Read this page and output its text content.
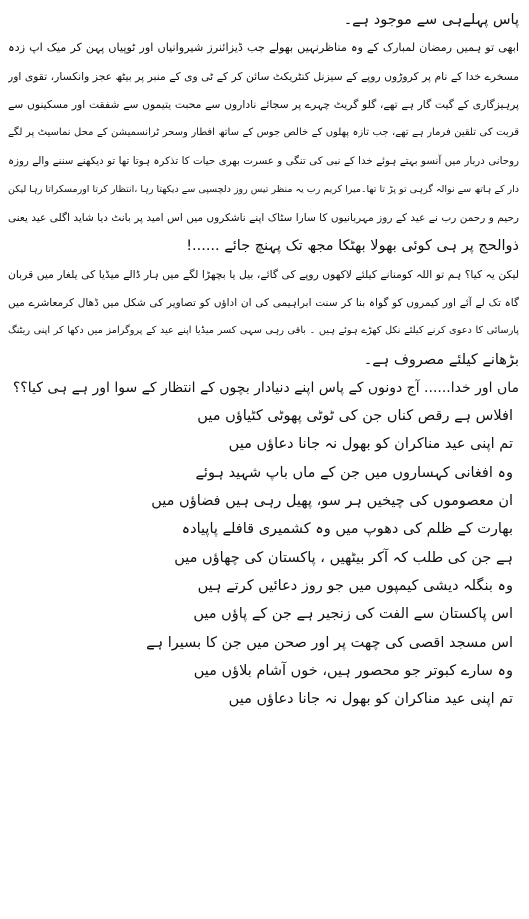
پاس پہلےہی سے موجود ہے۔
ابھی تو ہمیں رمضان لمبارک کے وہ مناظرنہیں بھولے جب ڈیزائنرز شیروانیاں اور ٹوپیاں پہن کر میک اپ زدہ
مسخرے خدا کے نام پر کروڑوں روپے کے سیزنل کنٹریکٹ سائن کر کے ٹی وی کے منبر پر بیٹھ عجز وانکسار، تقوی اور
پرہیزگاری کے گیت گار ہے تھے، گلو گریٹ چہرے پر سجائے ناداروں سے محبت یتیموں سے شفقت اور مسکینوں سے
قربت کی تلقین فرمار ہے تھے، جب تازہ پھلوں کے خالص جوس کے ساتھ افطار وسحر ٹرانسمیشن کے محل نماسیٹ پر لگے
روحانی دربار میں آنسو بہتے ہوئے خدا کے نبی کی تنگی و عسرت بھری حیات کا تذکرہ ہوتا تھا تو دیکھنے سننے والے روزہ
دار کے ہاتھ سے نوالہ گرہی تو پڑ تا تھا۔میرا کریم رب یہ منظر تیس روز دلچسپی سے دیکھتا رہا ،انتظار کرتا اورمسکراتا رہا لیکن
رحیم و رحمن رب نے عید کے روز مہربانیوں کا سارا سٹاک اپنے ناشکروں میں اس امید پر بانٹ دیا شاید اگلی عید یعنی
ذوالحج پر ہی کوئی بھولا بھٹکا مجھ تک پہنچ جائے ......!
لیکن یہ کیا؟ ہم تو اللہ کومنانے کیلئے لاکھوں روپے کی گائے، بیل یا بچھڑا لگے میں ہار ڈالے میڈیا کی یلغار میں قربان
گاہ تک لے آئے اور کیمروں کو گواہ بنا کر سنت ابراہیمی کی ان اداؤں کو تصاویر کی شکل میں ڈھال کرمعاشرے میں
پارسائی کا دعوی کرنے کیلئے نکل کھڑے ہوئے ہیں ۔ باقی رہی سہی کسر میڈیا اپنے عید کے پروگرامز میں دکھا کر اپنی ریٹنگ
بڑھانے کیلئے مصروف ہے۔
ماں اور خدا...... آج دونوں کے پاس اپنے دنیادار بچوں کے انتظار کے سوا اور ہے ہی کیا؟؟
افلاس ہے رقص کناں جن کی ٹوٹی پھوٹی کٹیاؤں میں
تم اپنی عید مناکران کو بھول نہ جانا دعاؤں میں
وہ افغانی کہساروں میں جن کے ماں باپ شہید ہوئے
ان معصوموں کی چیخیں ہر سو، پھیل رہی ہیں فضاؤں میں
بھارت کے ظلم کی دھوپ میں وہ کشمیری قافلے پاپیادہ
ہے جن کی طلب کہ آکر بیٹھیں ، پاکستان کی چھاؤں میں
وہ بنگلہ دیشی کیمپوں میں جو روز دعائیں کرتے ہیں
اس پاکستان سے الفت کی زنجیر ہے جن کے پاؤں میں
اس مسجد اقصی کی چھت پر اور صحن میں جن کا بسیرا ہے
وہ سارے کبوتر جو محصور ہیں، خوں آشام بلاؤں میں
تم اپنی عید مناکران کو بھول نہ جانا دعاؤں میں
